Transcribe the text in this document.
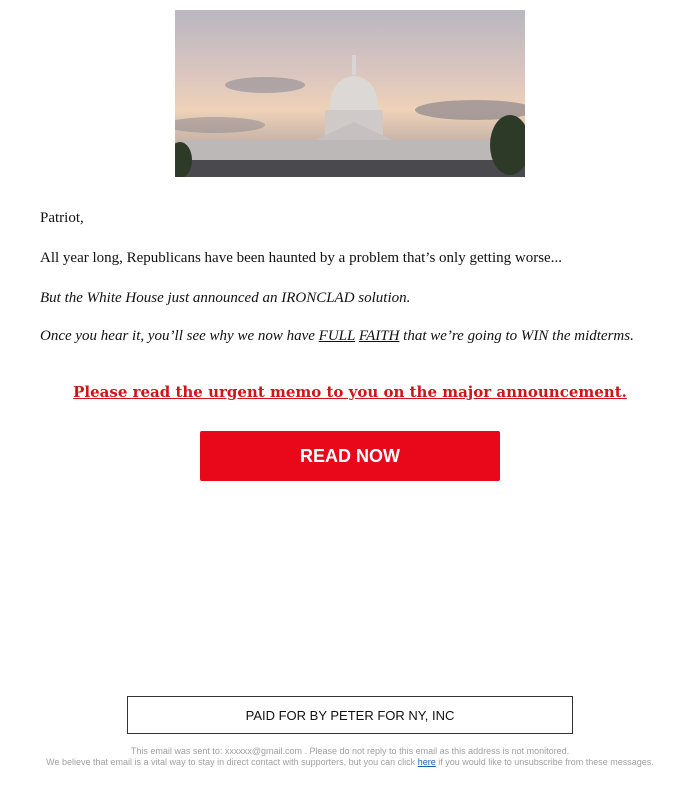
Patriot,
All year long, Republicans have been haunted by a problem that’s only getting worse...
But the White House just announced an IRONCLAD solution.
Once you hear it, you’ll see why we now have FULL FAITH that we’re going to WIN the midterms.
Please read the urgent memo to you on the major announcement.
READ NOW
PAID FOR BY PETER FOR NY, INC
This email was sent to: xxxxxx@gmail.com . Please do not reply to this email as this address is not monitored.
We believe that email is a vital way to stay in direct contact with supporters, but you can click here if you would like to unsubscribe from these messages.
